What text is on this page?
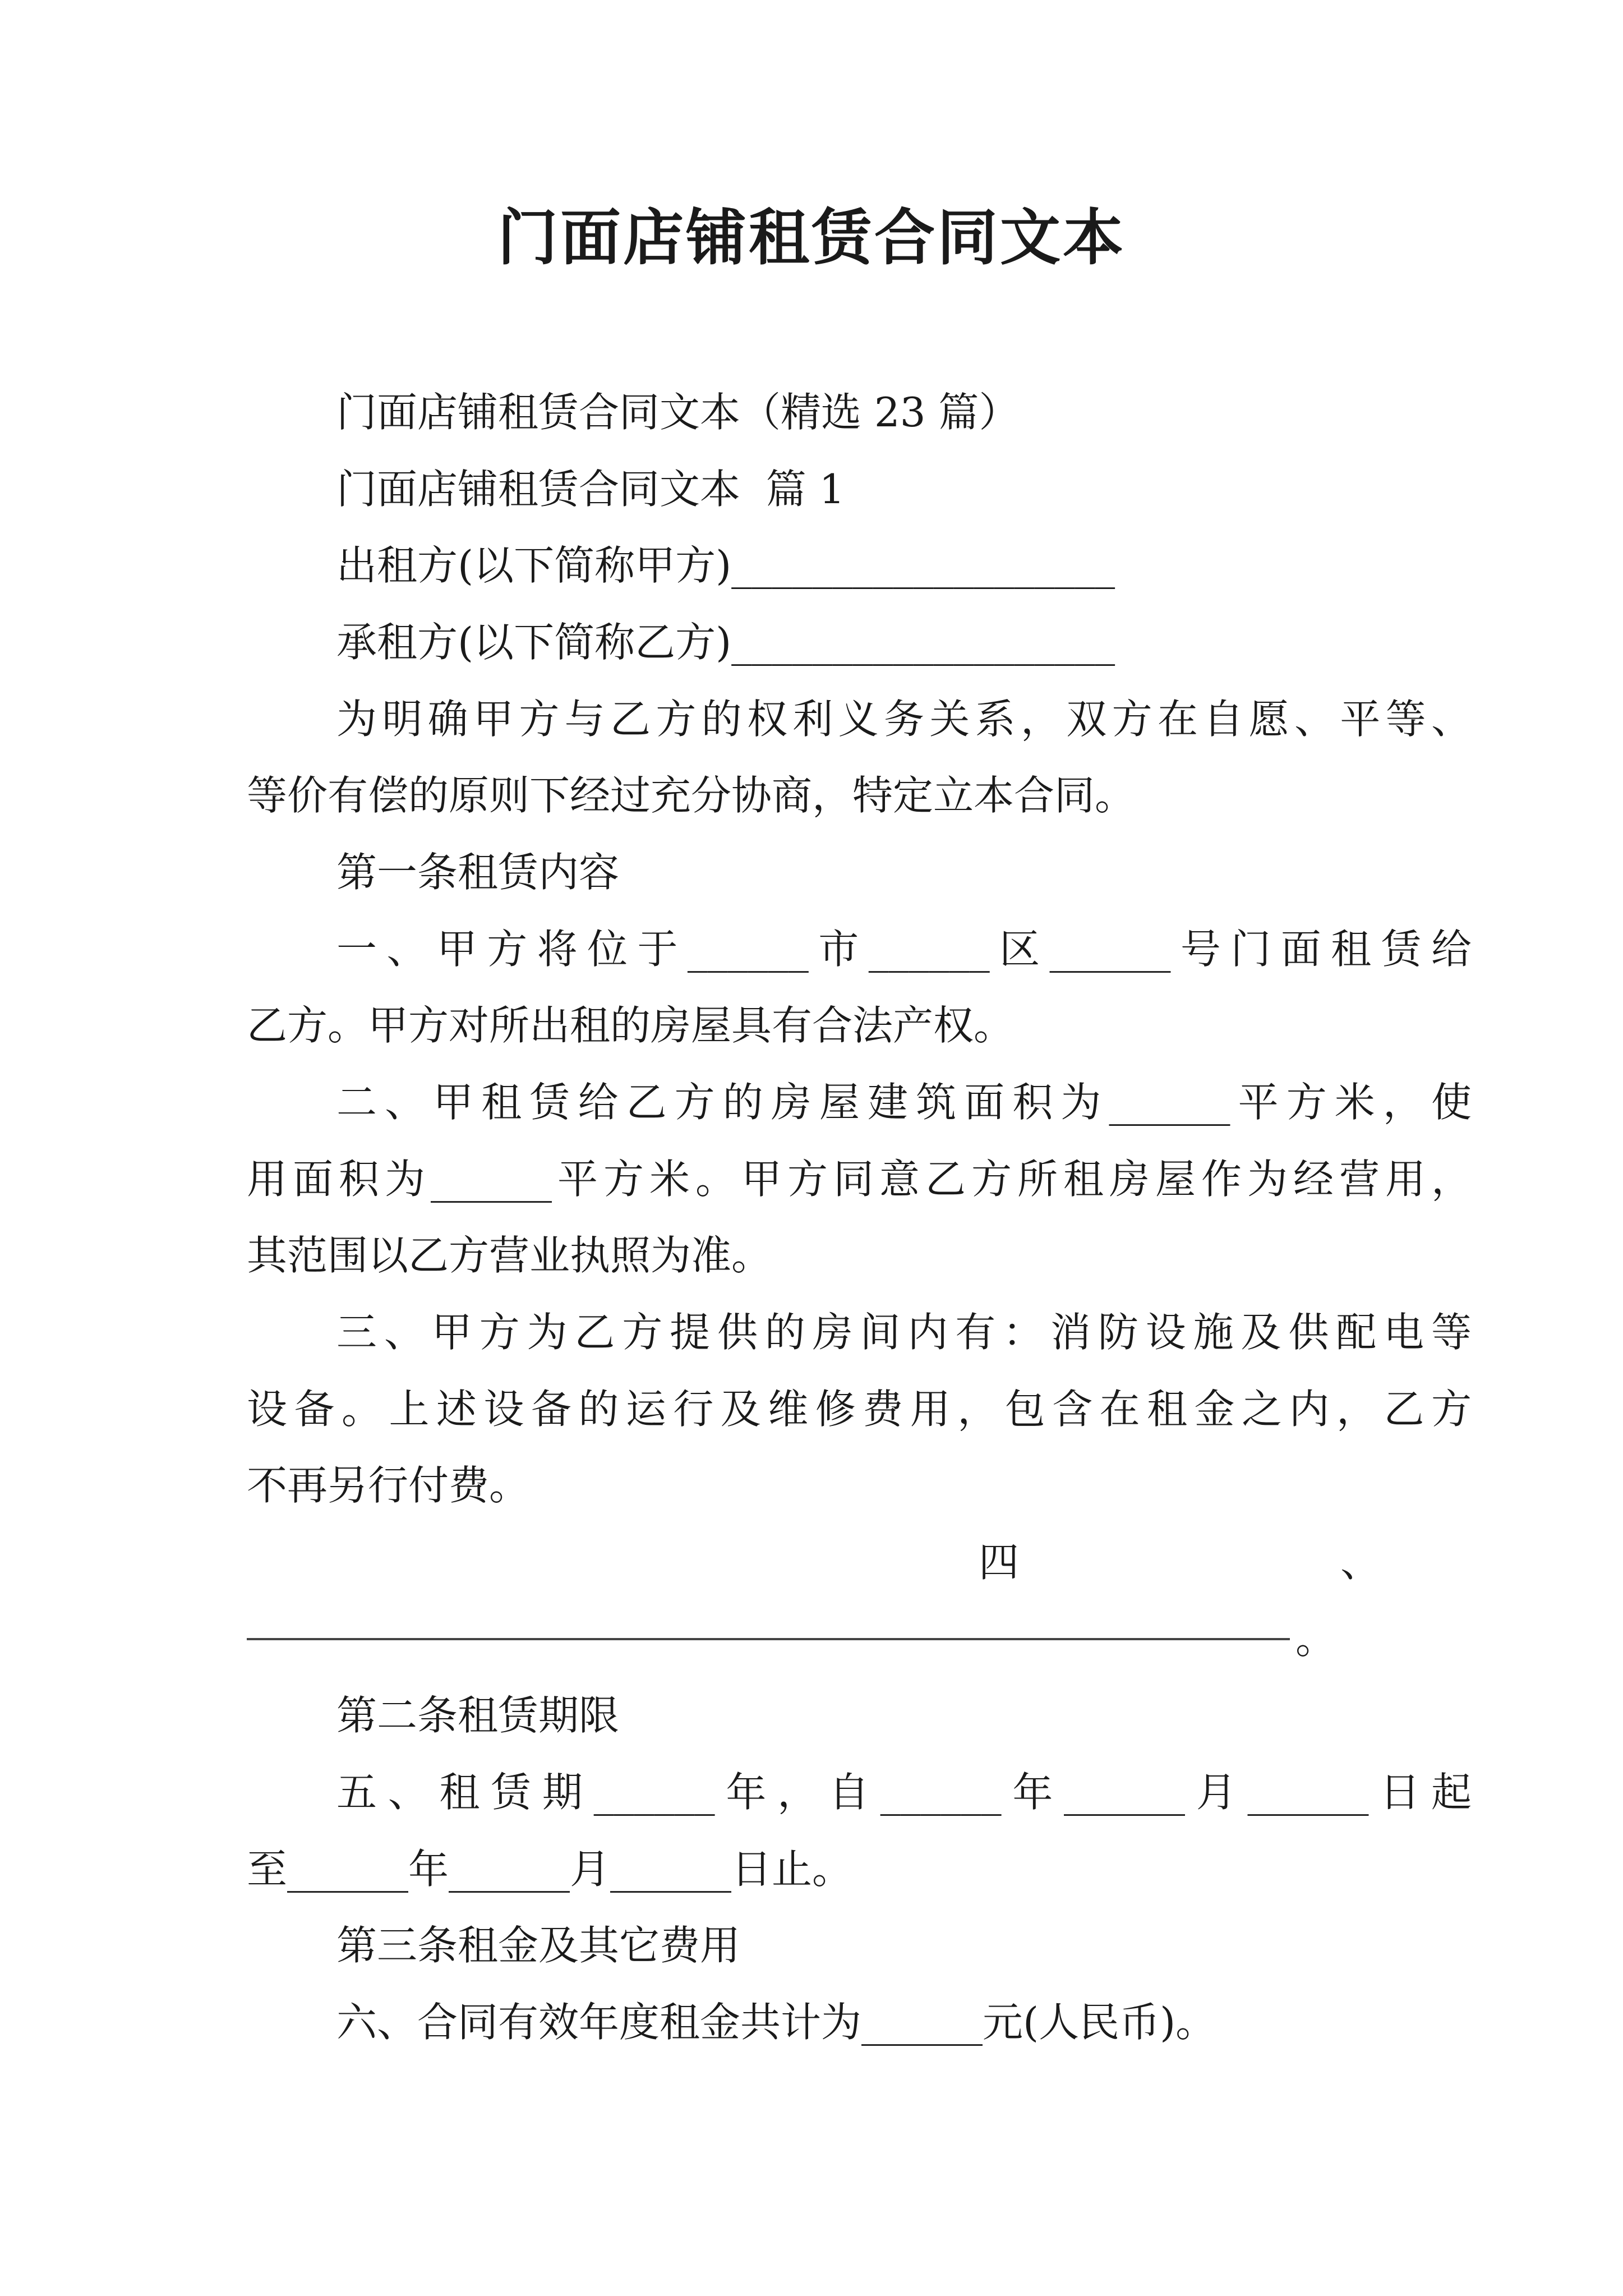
门面店铺租赁合同文本
门面店铺租赁合同文本（精选 23 篇）
门面店铺租赁合同文本  篇 1
出租方(以下简称甲方)___________________
承租方(以下简称乙方)___________________
为明确甲方与乙方的权利义务关系，双方在自愿、平等、
等价有偿的原则下经过充分协商，特定立本合同。
第一条租赁内容
一、甲方将位于______市______区______号门面租赁给
乙方。甲方对所出租的房屋具有合法产权。
二、甲租赁给乙方的房屋建筑面积为______平方米，使
用面积为______平方米。甲方同意乙方所租房屋作为经营用，
其范围以乙方营业执照为准。
三、甲方为乙方提供的房间内有：消防设施及供配电等
设备。上述设备的运行及维修费用，包含在租金之内，乙方
不再另行付费。
四	、
。
第二条租赁期限
五、租赁期______年，自______年______月______日起
至______年______月______日止。
第三条租金及其它费用
六、合同有效年度租金共计为______元(人民币)。
